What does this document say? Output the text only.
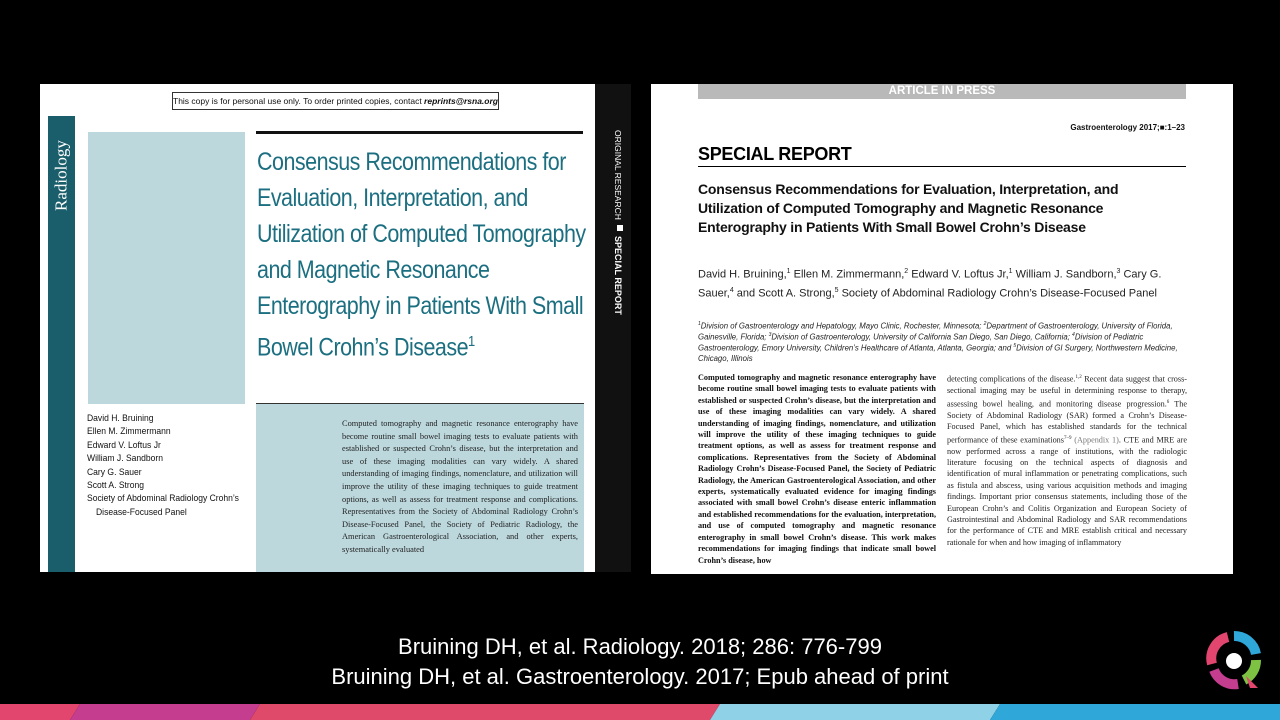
This copy is for personal use only. To order printed copies, contact reprints@rsna.org
Radiology	Consensus Recommendations for Evaluation, Interpretation, and Utilization of Computed Tomography and Magnetic Resonance Enterography in Patients With Small Bowel Crohn’s Disease$^1$
David H. Bruining
Ellen M. Zimmermann
Edward V. Loftus Jr
William J. Sandborn
Cary G. Sauer
Scott A. Strong
Society of Abdominal Radiology Crohn’s
Disease-Focused Panel
Computed tomography and magnetic resonance enterography have become routine small bowel imaging tests to evaluate patients with established or suspected Crohn’s disease, but the interpretation and use of these imaging modalities can vary widely. A shared understanding of imaging findings, nomenclature, and utilization will improve the utility of these imaging techniques to guide treatment options, as well as assess for treatment response and complications. Representatives from the Society of Abdominal Radiology Crohn’s Disease-Focused Panel, the Society of Pediatric Radiology, the American Gastroenterological Association, and other experts, systematically evaluated
ORIGINAL RESEARCH
SPECIAL REPORT
ARTICLE IN PRESS
Gastroenterology 2017;■:1–23
SPECIAL REPORT
Consensus Recommendations for Evaluation, Interpretation, and Utilization of Computed Tomography and Magnetic Resonance Enterography in Patients With Small Bowel Crohn’s Disease
David H. Bruining,$^1$ Ellen M. Zimmermann,$^2$ Edward V. Loftus Jr,$^1$ William J. Sandborn,$^3$ Cary G. Sauer,$^4$ and Scott A. Strong,$^5$ Society of Abdominal Radiology Crohn’s Disease-Focused Panel
$^1$Division of Gastroenterology and Hepatology, Mayo Clinic, Rochester, Minnesota; $^2$Department of Gastroenterology, University of Florida, Gainesville, Florida; $^3$Division of Gastroenterology, University of California San Diego, San Diego, California; $^4$Division of Pediatric Gastroenterology, Emory University, Children’s Healthcare of Atlanta, Atlanta, Georgia; and $^5$Division of GI Surgery, Northwestern Medicine, Chicago, Illinois
Computed tomography and magnetic resonance enterography have become routine small bowel imaging tests to evaluate patients with established or suspected Crohn’s disease, but the interpretation and use of these imaging modalities can vary widely. A shared understanding of imaging findings, nomenclature, and utilization will improve the utility of these imaging techniques to guide treatment options, as well as assess for treatment response and complications. Representatives from the Society of Abdominal Radiology Crohn’s Disease-Focused Panel, the Society of Pediatric Radiology, the American Gastroenterological Association, and other experts, systematically evaluated evidence for imaging findings associated with small bowel Crohn’s disease enteric inflammation and established recommendations for the evaluation, interpretation, and use of computed tomography and magnetic resonance enterography in small bowel Crohn’s disease. This work makes recommendations for imaging findings that indicate small bowel Crohn’s disease, how
detecting complications of the disease.$^{1,2}$ Recent data suggest that cross-sectional imaging may be useful in determining response to therapy, assessing bowel healing, and monitoring disease progression.$^6$ The Society of Abdominal Radiology (SAR) formed a Crohn’s Disease-Focused Panel, which has established standards for the technical performance of these examinations$^{7-9}$ (Appendix 1). CTE and MRE are now performed across a range of institutions, with the radiologic literature focusing on the technical aspects of diagnosis and identification of mural inflammation or penetrating complications, such as fistula and abscess, using various acquisition methods and imaging findings. Important prior consensus statements, including those of the European Crohn’s and Colitis Organization and European Society of Gastrointestinal and Abdominal Radiology and SAR recommendations for the performance of CTE and MRE establish critical and necessary rationale for when and how imaging of inflammatory
Bruining DH, et al. Radiology. 2018; 286: 776-799
Bruining DH, et al. Gastroenterology. 2017; Epub ahead of print
